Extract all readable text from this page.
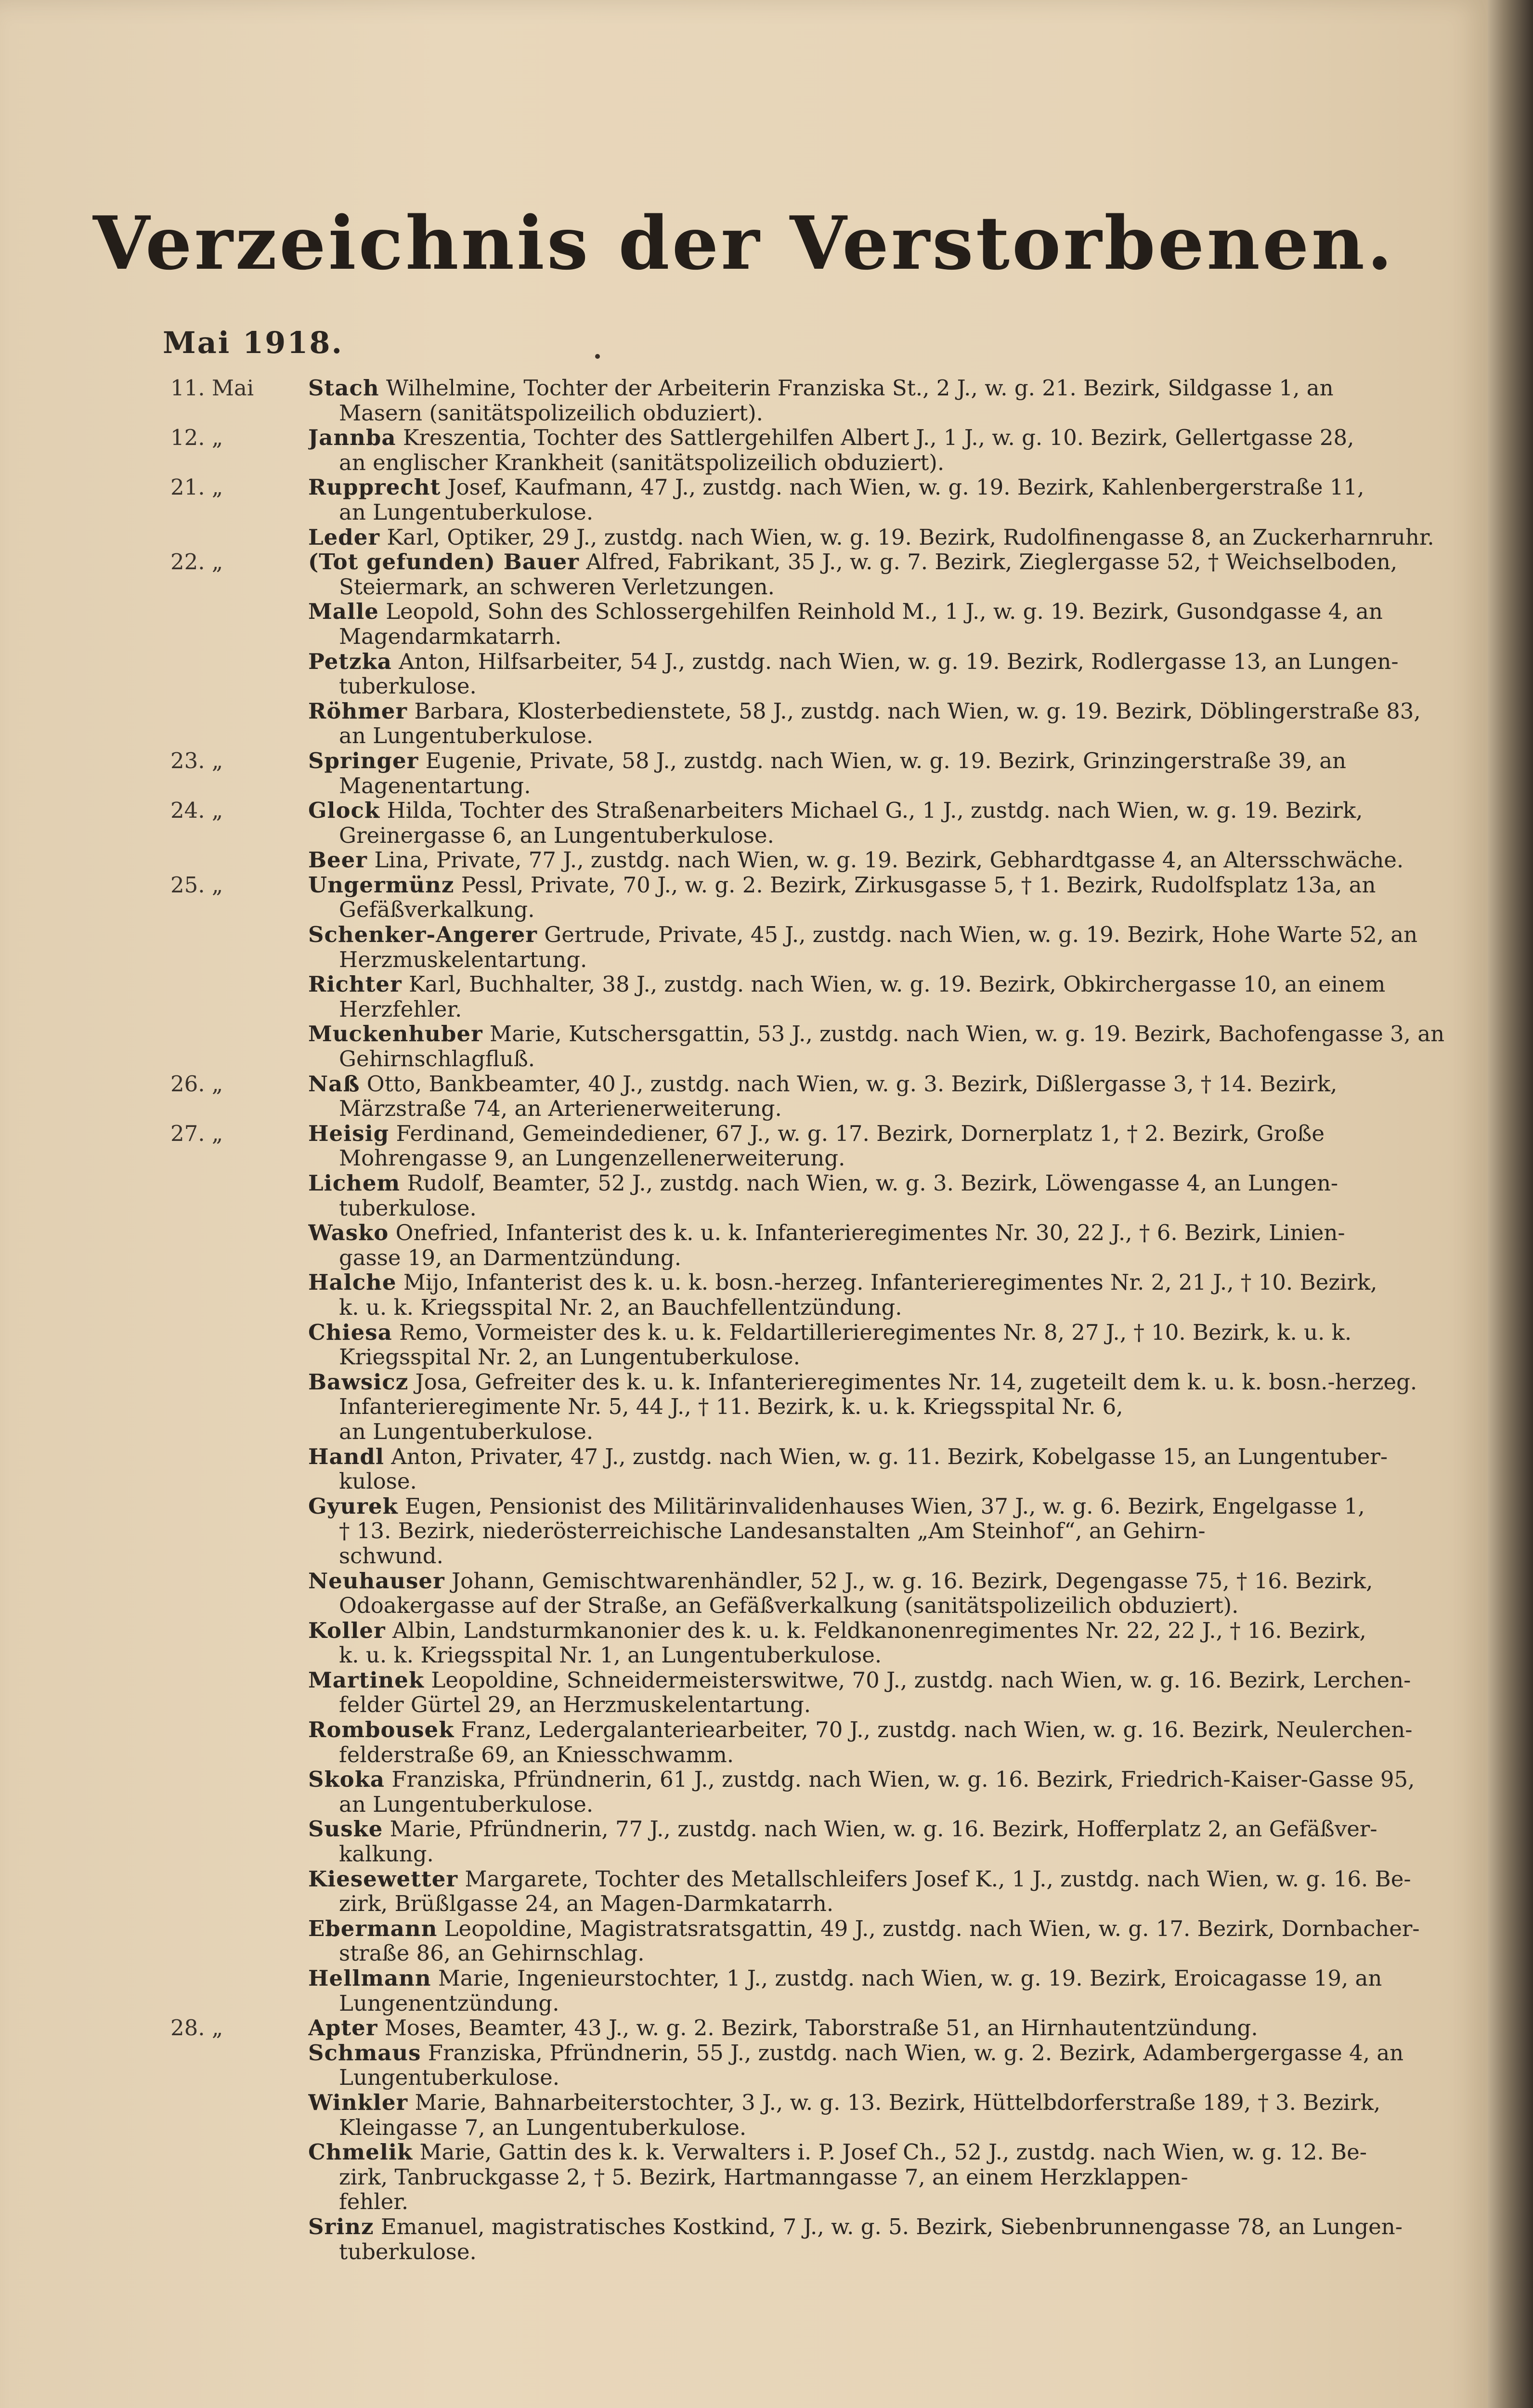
Verzeichnis der Verstorbenen.
Mai 1918.
11. Mai	Stach Wilhelmine, Tochter der Arbeiterin Franziska St., 2 J., w. g. 21. Bezirk, Sildgasse 1, an
Masern (sanitätspolizeilich obduziert).
12. „	Jannba Kreszentia, Tochter des Sattlergehilfen Albert J., 1 J., w. g. 10. Bezirk, Gellertgasse 28,
an englischer Krankheit (sanitätspolizeilich obduziert).
21. „	Rupprecht Josef, Kaufmann, 47 J., zustdg. nach Wien, w. g. 19. Bezirk, Kahlenbergerstraße 11,
an Lungentuberkulose.
Leder Karl, Optiker, 29 J., zustdg. nach Wien, w. g. 19. Bezirk, Rudolfinengasse 8, an Zuckerharnruhr.
22. „	(Tot gefunden) Bauer Alfred, Fabrikant, 35 J., w. g. 7. Bezirk, Zieglergasse 52, † Weichselboden,
Steiermark, an schweren Verletzungen.
Malle Leopold, Sohn des Schlossergehilfen Reinhold M., 1 J., w. g. 19. Bezirk, Gusondgasse 4, an
Magendarmkatarrh.
Petzka Anton, Hilfsarbeiter, 54 J., zustdg. nach Wien, w. g. 19. Bezirk, Rodlergasse 13, an Lungen-
tuberkulose.
Röhmer Barbara, Klosterbedienstete, 58 J., zustdg. nach Wien, w. g. 19. Bezirk, Döblingerstraße 83,
an Lungentuberkulose.
23. „	Springer Eugenie, Private, 58 J., zustdg. nach Wien, w. g. 19. Bezirk, Grinzingerstraße 39, an
Magenentartung.
24. „	Glock Hilda, Tochter des Straßenarbeiters Michael G., 1 J., zustdg. nach Wien, w. g. 19. Bezirk,
Greinergasse 6, an Lungentuberkulose.
Beer Lina, Private, 77 J., zustdg. nach Wien, w. g. 19. Bezirk, Gebhardtgasse 4, an Altersschwäche.
25. „	Ungermünz Pessl, Private, 70 J., w. g. 2. Bezirk, Zirkusgasse 5, † 1. Bezirk, Rudolfsplatz 13a, an
Gefäßverkalkung.
Schenker-Angerer Gertrude, Private, 45 J., zustdg. nach Wien, w. g. 19. Bezirk, Hohe Warte 52, an
Herzmuskelentartung.
Richter Karl, Buchhalter, 38 J., zustdg. nach Wien, w. g. 19. Bezirk, Obkirchergasse 10, an einem
Herzfehler.
Muckenhuber Marie, Kutschersgattin, 53 J., zustdg. nach Wien, w. g. 19. Bezirk, Bachofengasse 3, an
Gehirnschlagfluß.
26. „	Naß Otto, Bankbeamter, 40 J., zustdg. nach Wien, w. g. 3. Bezirk, Dißlergasse 3, † 14. Bezirk,
Märzstraße 74, an Arterienerweiterung.
27. „	Heisig Ferdinand, Gemeindediener, 67 J., w. g. 17. Bezirk, Dornerplatz 1, † 2. Bezirk, Große
Mohrengasse 9, an Lungenzellenerweiterung.
Lichem Rudolf, Beamter, 52 J., zustdg. nach Wien, w. g. 3. Bezirk, Löwengasse 4, an Lungen-
tuberkulose.
Wasko Onefried, Infanterist des k. u. k. Infanterieregimentes Nr. 30, 22 J., † 6. Bezirk, Linien-
gasse 19, an Darmentzündung.
Halche Mijo, Infanterist des k. u. k. bosn.-herzeg. Infanterieregimentes Nr. 2, 21 J., † 10. Bezirk,
k. u. k. Kriegsspital Nr. 2, an Bauchfellentzündung.
Chiesa Remo, Vormeister des k. u. k. Feldartillerieregimentes Nr. 8, 27 J., † 10. Bezirk, k. u. k.
Kriegsspital Nr. 2, an Lungentuberkulose.
Bawsicz Josa, Gefreiter des k. u. k. Infanterieregimentes Nr. 14, zugeteilt dem k. u. k. bosn.-herzeg.
Infanterieregimente Nr. 5, 44 J., † 11. Bezirk, k. u. k. Kriegsspital Nr. 6,
an Lungentuberkulose.
Handl Anton, Privater, 47 J., zustdg. nach Wien, w. g. 11. Bezirk, Kobelgasse 15, an Lungentuber-
kulose.
Gyurek Eugen, Pensionist des Militärinvalidenhauses Wien, 37 J., w. g. 6. Bezirk, Engelgasse 1,
† 13. Bezirk, niederösterreichische Landesanstalten „Am Steinhof“, an Gehirn-
schwund.
Neuhauser Johann, Gemischtwarenhändler, 52 J., w. g. 16. Bezirk, Degengasse 75, † 16. Bezirk,
Odoakergasse auf der Straße, an Gefäßverkalkung (sanitätspolizeilich obduziert).
Koller Albin, Landsturmkanonier des k. u. k. Feldkanonenregimentes Nr. 22, 22 J., † 16. Bezirk,
k. u. k. Kriegsspital Nr. 1, an Lungentuberkulose.
Martinek Leopoldine, Schneidermeisterswitwe, 70 J., zustdg. nach Wien, w. g. 16. Bezirk, Lerchen-
felder Gürtel 29, an Herzmuskelentartung.
Rombousek Franz, Ledergalanteriearbeiter, 70 J., zustdg. nach Wien, w. g. 16. Bezirk, Neulerchen-
felderstraße 69, an Kniesschwamm.
Skoka Franziska, Pfründnerin, 61 J., zustdg. nach Wien, w. g. 16. Bezirk, Friedrich-Kaiser-Gasse 95,
an Lungentuberkulose.
Suske Marie, Pfründnerin, 77 J., zustdg. nach Wien, w. g. 16. Bezirk, Hofferplatz 2, an Gefäßver-
kalkung.
Kiesewetter Margarete, Tochter des Metallschleifers Josef K., 1 J., zustdg. nach Wien, w. g. 16. Be-
zirk, Brüßlgasse 24, an Magen-Darmkatarrh.
Ebermann Leopoldine, Magistratsratsgattin, 49 J., zustdg. nach Wien, w. g. 17. Bezirk, Dornbacher-
straße 86, an Gehirnschlag.
Hellmann Marie, Ingenieurstochter, 1 J., zustdg. nach Wien, w. g. 19. Bezirk, Eroicagasse 19, an
Lungenentzündung.
28. „	Apter Moses, Beamter, 43 J., w. g. 2. Bezirk, Taborstraße 51, an Hirnhautentzündung.
Schmaus Franziska, Pfründnerin, 55 J., zustdg. nach Wien, w. g. 2. Bezirk, Adambergergasse 4, an
Lungentuberkulose.
Winkler Marie, Bahnarbeiterstochter, 3 J., w. g. 13. Bezirk, Hüttelbdorferstraße 189, † 3. Bezirk,
Kleingasse 7, an Lungentuberkulose.
Chmelik Marie, Gattin des k. k. Verwalters i. P. Josef Ch., 52 J., zustdg. nach Wien, w. g. 12. Be-
zirk, Tanbruckgasse 2, † 5. Bezirk, Hartmanngasse 7, an einem Herzklappen-
fehler.
Srinz Emanuel, magistratisches Kostkind, 7 J., w. g. 5. Bezirk, Siebenbrunnengasse 78, an Lungen-
tuberkulose.
